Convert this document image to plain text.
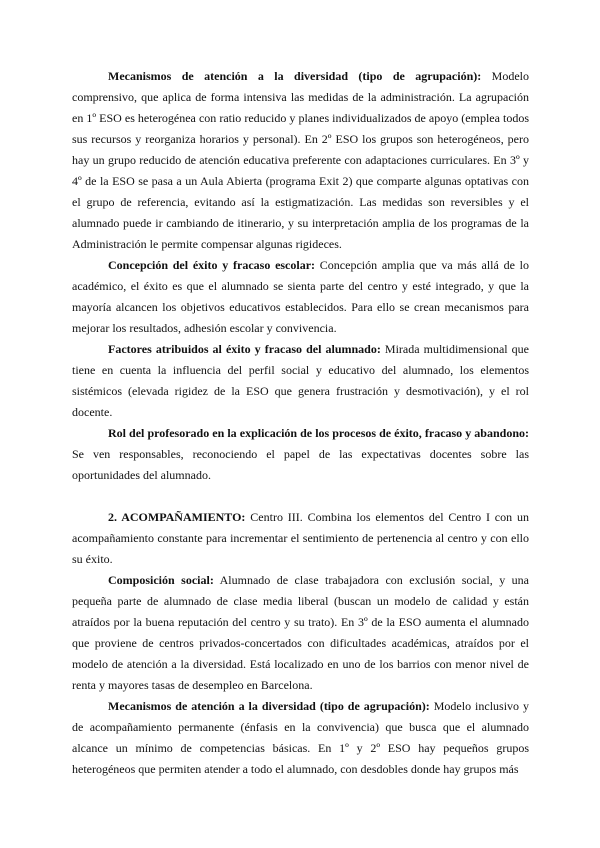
Mecanismos de atención a la diversidad (tipo de agrupación): Modelo comprensivo, que aplica de forma intensiva las medidas de la administración. La agrupación en 1º ESO es heterogénea con ratio reducido y planes individualizados de apoyo (emplea todos sus recursos y reorganiza horarios y personal). En 2º ESO los grupos son heterogéneos, pero hay un grupo reducido de atención educativa preferente con adaptaciones curriculares. En 3º y 4º de la ESO se pasa a un Aula Abierta (programa Exit 2) que comparte algunas optativas con el grupo de referencia, evitando así la estigmatización. Las medidas son reversibles y el alumnado puede ir cambiando de itinerario, y su interpretación amplia de los programas de la Administración le permite compensar algunas rigideces.

Concepción del éxito y fracaso escolar: Concepción amplia que va más allá de lo académico, el éxito es que el alumnado se sienta parte del centro y esté integrado, y que la mayoría alcancen los objetivos educativos establecidos. Para ello se crean mecanismos para mejorar los resultados, adhesión escolar y convivencia.

Factores atribuidos al éxito y fracaso del alumnado: Mirada multidimensional que tiene en cuenta la influencia del perfil social y educativo del alumnado, los elementos sistémicos (elevada rigidez de la ESO que genera frustración y desmotivación), y el rol docente.

Rol del profesorado en la explicación de los procesos de éxito, fracaso y abandono: Se ven responsables, reconociendo el papel de las expectativas docentes sobre las oportunidades del alumnado.

2. ACOMPAÑAMIENTO: Centro III. Combina los elementos del Centro I con un acompañamiento constante para incrementar el sentimiento de pertenencia al centro y con ello su éxito.

Composición social: Alumnado de clase trabajadora con exclusión social, y una pequeña parte de alumnado de clase media liberal (buscan un modelo de calidad y están atraídos por la buena reputación del centro y su trato). En 3º de la ESO aumenta el alumnado que proviene de centros privados-concertados con dificultades académicas, atraídos por el modelo de atención a la diversidad. Está localizado en uno de los barrios con menor nivel de renta y mayores tasas de desempleo en Barcelona.

Mecanismos de atención a la diversidad (tipo de agrupación): Modelo inclusivo y de acompañamiento permanente (énfasis en la convivencia) que busca que el alumnado alcance un mínimo de competencias básicas. En 1º y 2º ESO hay pequeños grupos heterogéneos que permiten atender a todo el alumnado, con desdobles donde hay grupos más
